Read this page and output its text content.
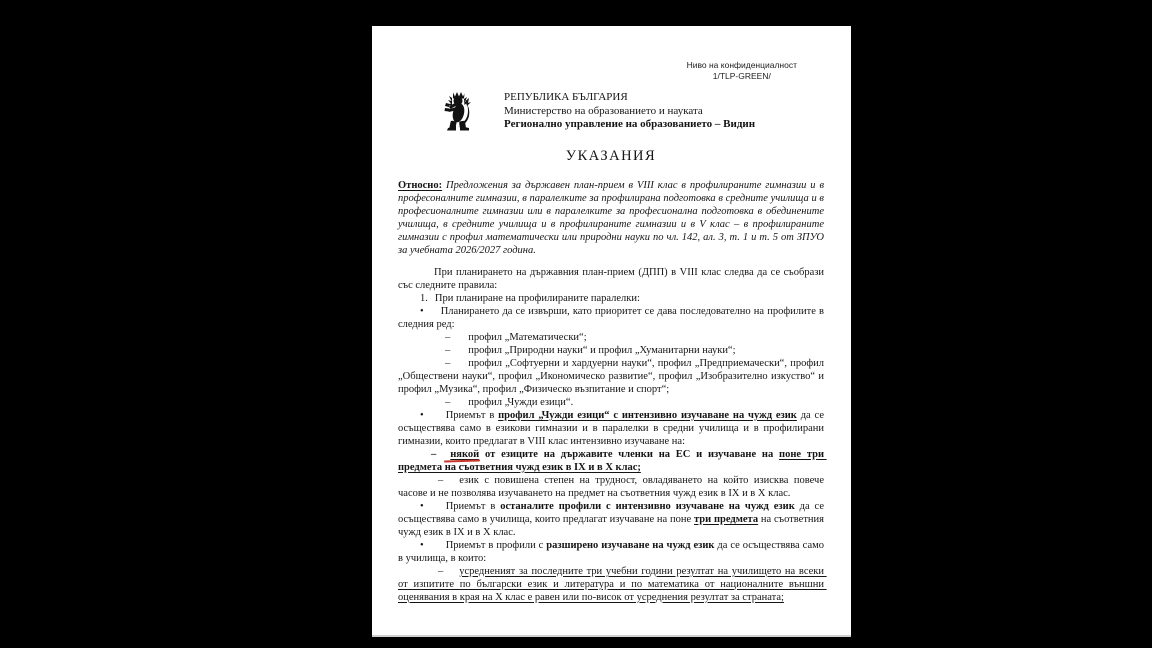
Ниво на конфиденциалност
1/TLP-GREEN/
РЕПУБЛИКА БЪЛГАРИЯ
Министерство на образованието и науката
Регионално управление на образованието – Видин
УКАЗАНИЯ

Относно: Предложения за държавен план-прием в VIII клас в профилираните гимназии и в професоналните гимназии, в паралелките за профилирана подготовка в средните училища и в професионалните гимназии или в паралелките за професионална подготовка в обединените училища, в средните училища и в профилираните гимназии и в V клас – в профилираните гимназии с профил математически или природни науки по чл. 142, ал. 3, т. 1 и т. 5 от ЗПУО за учебната 2026/2027 година.

При планирането на държавния план-прием (ДПП) в VIII клас следва да се съобрази със следните правила:

1. При планиране на профилираните паралелки:

• Планирането да се извърши, като приоритет се дава последователно на профилите в следния ред:

– профил „Математически“;

– профил „Природни науки“ и профил „Хуманитарни науки“;

– профил „Софтуерни и хардуерни науки“, профил „Предприемачески“, профил „Обществени науки“, профил „Икономическо развитие“, профил „Изобразително изкуство“ и профил „Музика“, профил „Физическо възпитание и спорт“;

– профил „Чужди езици“.

• Приемът в профил „Чужди езици“ с интензивно изучаване на чужд език да се осъществява само в езикови гимназии и в паралелки в средни училища и в профилирани гимназии, които предлагат в VIII клас интензивно изучаване на:

– някой от езиците на държавите членки на ЕС и изучаване на поне три предмета на съответния чужд език в IX и в X клас;

– език с повишена степен на трудност, овладяването на който изисква повече часове и не позволява изучаването на предмет на съответния чужд език в IX и в X клас.

• Приемът в останалите профили с интензивно изучаване на чужд език да се осъществява само в училища, които предлагат изучаване на поне три предмета на съответния чужд език в IX и в X клас.

• Приемът в профили с разширено изучаване на чужд език да се осъществява само в училища, в които:

– усредненият за последните три учебни години резултат на училището на всеки от изпитите по български език и литература и по математика от националните външни оценявания в края на X клас е равен или по-висок от усреднения резултат за страната;
